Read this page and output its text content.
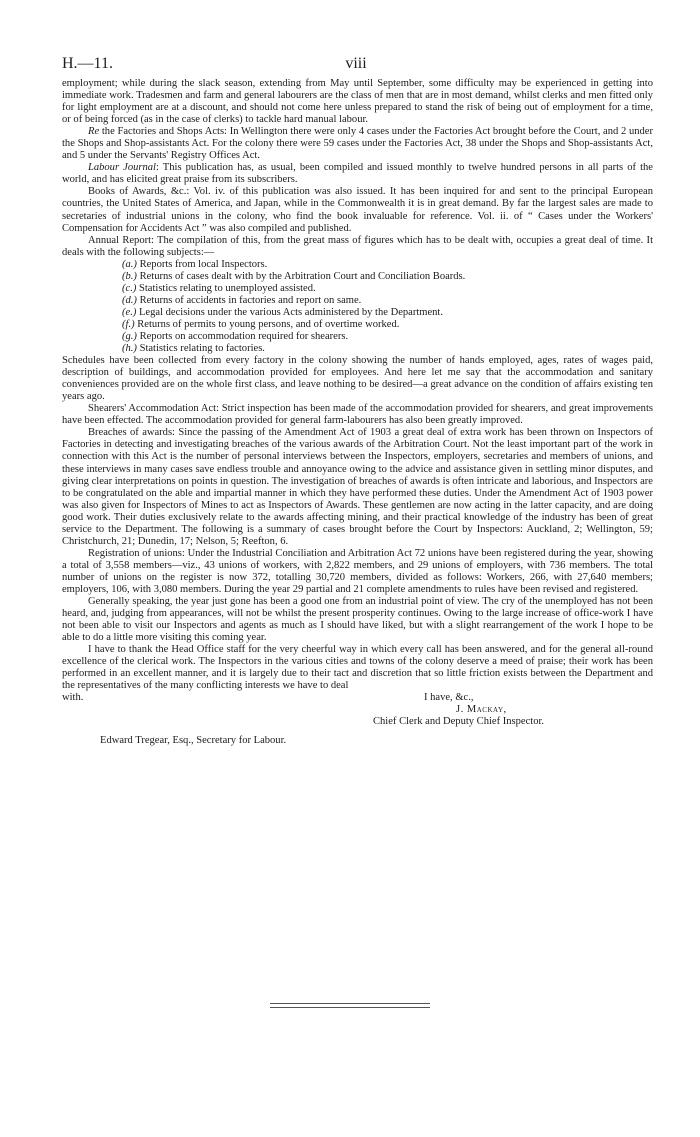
H.—11.	viii

employment; while during the slack season, extending from May until September, some difficulty may be experienced in getting into immediate work. Tradesmen and farm and general labourers are the class of men that are in most demand, whilst clerks and men fitted only for light employment are at a discount, and should not come here unless prepared to stand the risk of being out of employment for a time, or of being forced (as in the case of clerks) to tackle hard manual labour.

Re the Factories and Shops Acts: In Wellington there were only 4 cases under the Factories Act brought before the Court, and 2 under the Shops and Shop-assistants Act. For the colony there were 59 cases under the Factories Act, 38 under the Shops and Shop-assistants Act, and 5 under the Servants' Registry Offices Act.

Labour Journal: This publication has, as usual, been compiled and issued monthly to twelve hundred persons in all parts of the world, and has elicited great praise from its subscribers.

Books of Awards, &c.: Vol. iv. of this publication was also issued. It has been inquired for and sent to the principal European countries, the United States of America, and Japan, while in the Commonwealth it is in great demand. By far the largest sales are made to secretaries of industrial unions in the colony, who find the book invaluable for reference. Vol. ii. of “ Cases under the Workers' Compensation for Accidents Act ” was also compiled and published.

Annual Report: The compilation of this, from the great mass of figures which has to be dealt with, occupies a great deal of time. It deals with the following subjects:—

(a.) Reports from local Inspectors.
(b.) Returns of cases dealt with by the Arbitration Court and Conciliation Boards.
(c.) Statistics relating to unemployed assisted.
(d.) Returns of accidents in factories and report on same.
(e.) Legal decisions under the various Acts administered by the Department.
(f.) Returns of permits to young persons, and of overtime worked.
(g.) Reports on accommodation required for shearers.
(h.) Statistics relating to factories.

Schedules have been collected from every factory in the colony showing the number of hands employed, ages, rates of wages paid, description of buildings, and accommodation provided for employees. And here let me say that the accommodation and sanitary conveniences provided are on the whole first class, and leave nothing to be desired—a great advance on the condition of affairs existing ten years ago.

Shearers' Accommodation Act: Strict inspection has been made of the accommodation provided for shearers, and great improvements have been effected. The accommodation provided for general farm-labourers has also been greatly improved.

Breaches of awards: Since the passing of the Amendment Act of 1903 a great deal of extra work has been thrown on Inspectors of Factories in detecting and investigating breaches of the various awards of the Arbitration Court. Not the least important part of the work in connection with this Act is the number of personal interviews between the Inspectors, employers, secretaries and members of unions, and these interviews in many cases save endless trouble and annoyance owing to the advice and assistance given in settling minor disputes, and giving clear interpretations on points in question. The investigation of breaches of awards is often intricate and laborious, and Inspectors are to be congratulated on the able and impartial manner in which they have performed these duties. Under the Amendment Act of 1903 power was also given for Inspectors of Mines to act as Inspectors of Awards. These gentlemen are now acting in the latter capacity, and are doing good work. Their duties exclusively relate to the awards affecting mining, and their practical knowledge of the industry has been of great service to the Department. The following is a summary of cases brought before the Court by Inspectors: Auckland, 2; Wellington, 59; Christchurch, 21; Dunedin, 17; Nelson, 5; Reefton, 6.

Registration of unions: Under the Industrial Conciliation and Arbitration Act 72 unions have been registered during the year, showing a total of 3,558 members—viz., 43 unions of workers, with 2,822 members, and 29 unions of employers, with 736 members. The total number of unions on the register is now 372, totalling 30,720 members, divided as follows: Workers, 266, with 27,640 members; employers, 106, with 3,080 members. During the year 29 partial and 21 complete amendments to rules have been revised and registered.

Generally speaking, the year just gone has been a good one from an industrial point of view. The cry of the unemployed has not been heard, and, judging from appearances, will not be whilst the present prosperity continues. Owing to the large increase of office-work I have not been able to visit our Inspectors and agents as much as I should have liked, but with a slight rearrangement of the work I hope to be able to do a little more visiting this coming year.

I have to thank the Head Office staff for the very cheerful way in which every call has been answered, and for the general all-round excellence of the clerical work. The Inspectors in the various cities and towns of the colony deserve a meed of praise; their work has been performed in an excellent manner, and it is largely due to their tact and discretion that so little friction exists between the Department and the representatives of the many conflicting interests we have to deal

with.	I have, &c.,
J. Mackay,
Chief Clerk and Deputy Chief Inspector.

Edward Tregear, Esq., Secretary for Labour.
